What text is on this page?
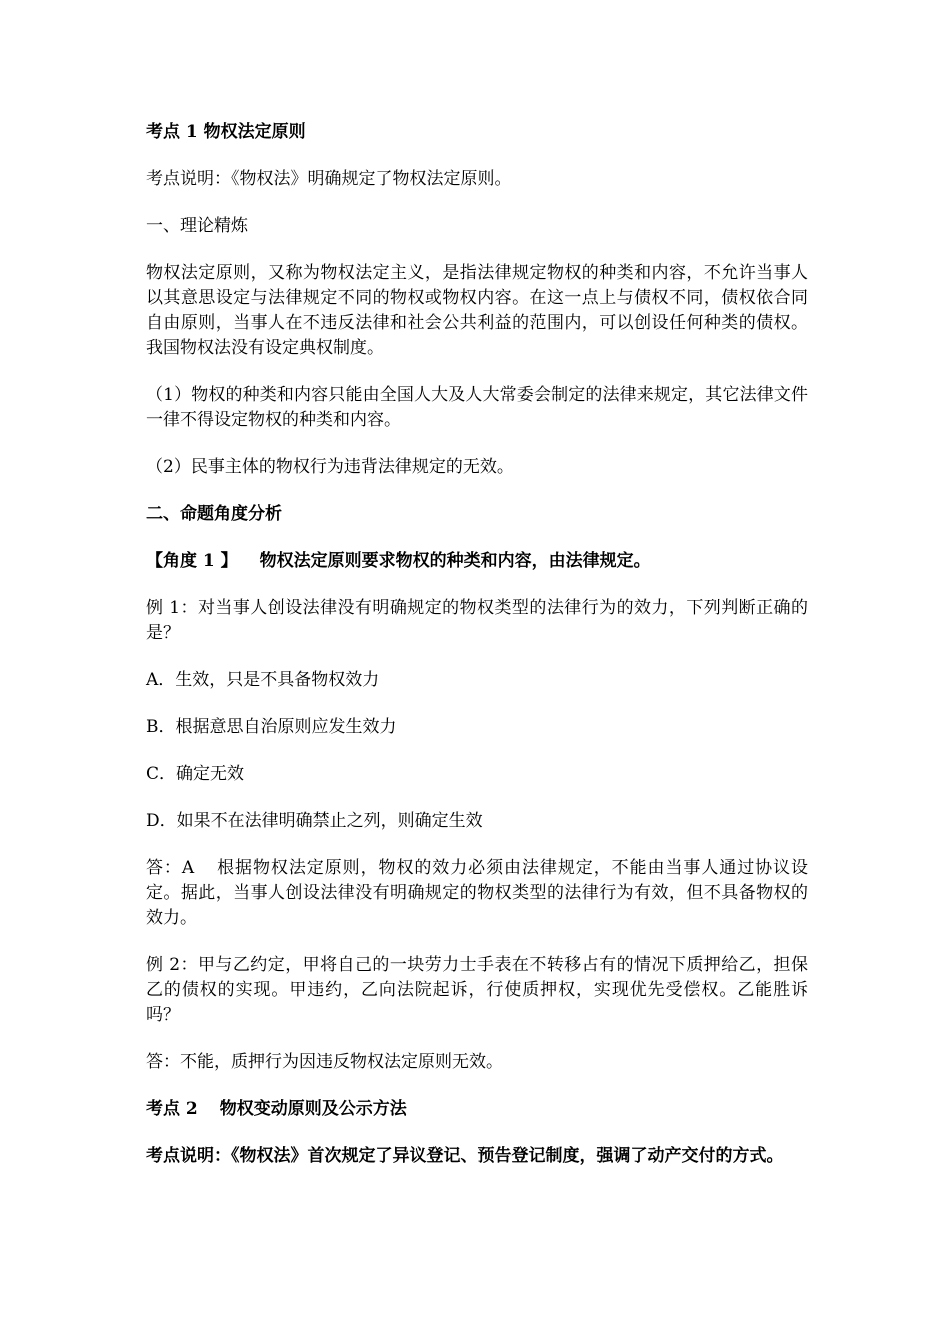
考点 1 物权法定原则

考点说明：《物权法》明确规定了物权法定原则。

一、理论精炼

物权法定原则，又称为物权法定主义，是指法律规定物权的种类和内容，不允许当事人以其意思设定与法律规定不同的物权或物权内容。在这一点上与债权不同，债权依合同自由原则，当事人在不违反法律和社会公共利益的范围内，可以创设任何种类的债权。我国物权法没有设定典权制度。

（1）物权的种类和内容只能由全国人大及人大常委会制定的法律来规定，其它法律文件一律不得设定物权的种类和内容。

（2）民事主体的物权行为违背法律规定的无效。

二、命题角度分析

【角度 1 】 物权法定原则要求物权的种类和内容，由法律规定。

例 1：对当事人创设法律没有明确规定的物权类型的法律行为的效力，下列判断正确的是？

A．生效，只是不具备物权效力

B．根据意思自治原则应发生效力

C．确定无效

D．如果不在法律明确禁止之列，则确定生效

答：A 根据物权法定原则，物权的效力必须由法律规定，不能由当事人通过协议设定。据此，当事人创设法律没有明确规定的物权类型的法律行为有效，但不具备物权的效力。

例 2：甲与乙约定，甲将自己的一块劳力士手表在不转移占有的情况下质押给乙，担保乙的债权的实现。甲违约，乙向法院起诉，行使质押权，实现优先受偿权。乙能胜诉吗？

答：不能，质押行为因违反物权法定原则无效。

考点 2 物权变动原则及公示方法

考点说明：《物权法》首次规定了异议登记、预告登记制度，强调了动产交付的方式。
